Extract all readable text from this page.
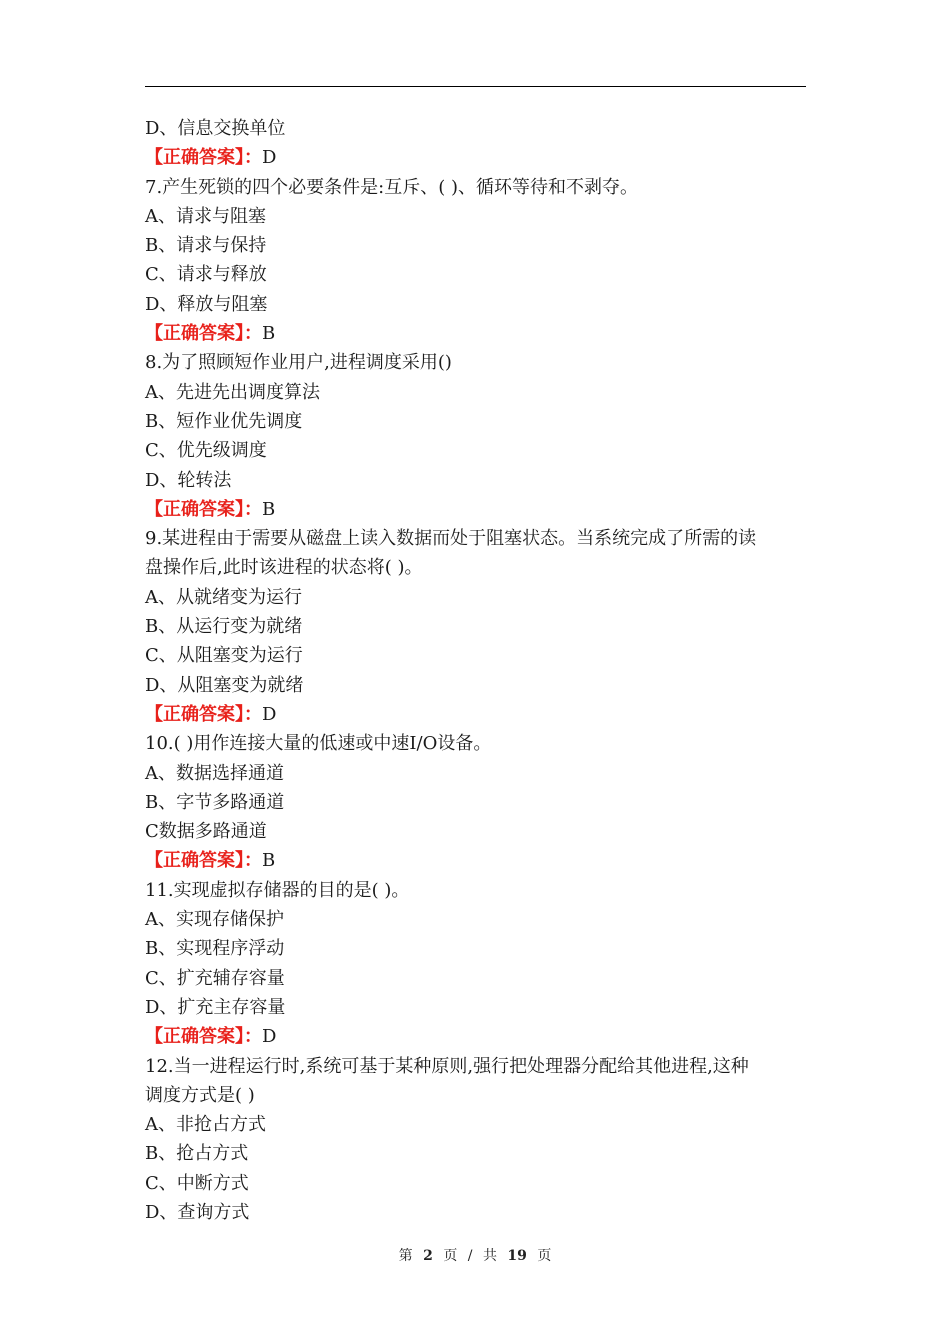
D、信息交换单位
【正确答案】：D
7.产生死锁的四个必要条件是:互斥、( )、循环等待和不剥夺。
A、请求与阻塞
B、请求与保持
C、请求与释放
D、释放与阻塞
【正确答案】：B
8.为了照顾短作业用户,进程调度采用()
A、先进先出调度算法
B、短作业优先调度
C、优先级调度
D、轮转法
【正确答案】：B
9.某进程由于需要从磁盘上读入数据而处于阻塞状态。当系统完成了所需的读
盘操作后,此时该进程的状态将( )。
A、从就绪变为运行
B、从运行变为就绪
C、从阻塞变为运行
D、从阻塞变为就绪
【正确答案】：D
10.( )用作连接大量的低速或中速I/O设备。
A、数据选择通道
B、字节多路通道
C数据多路通道
【正确答案】：B
11.实现虚拟存储器的目的是( )。
A、实现存储保护
B、实现程序浮动
C、扩充辅存容量
D、扩充主存容量
【正确答案】：D
12.当一进程运行时,系统可基于某种原则,强行把处理器分配给其他进程,这种
调度方式是( )
A、非抢占方式
B、抢占方式
C、中断方式
D、查询方式
第 2 页 / 共 19 页
